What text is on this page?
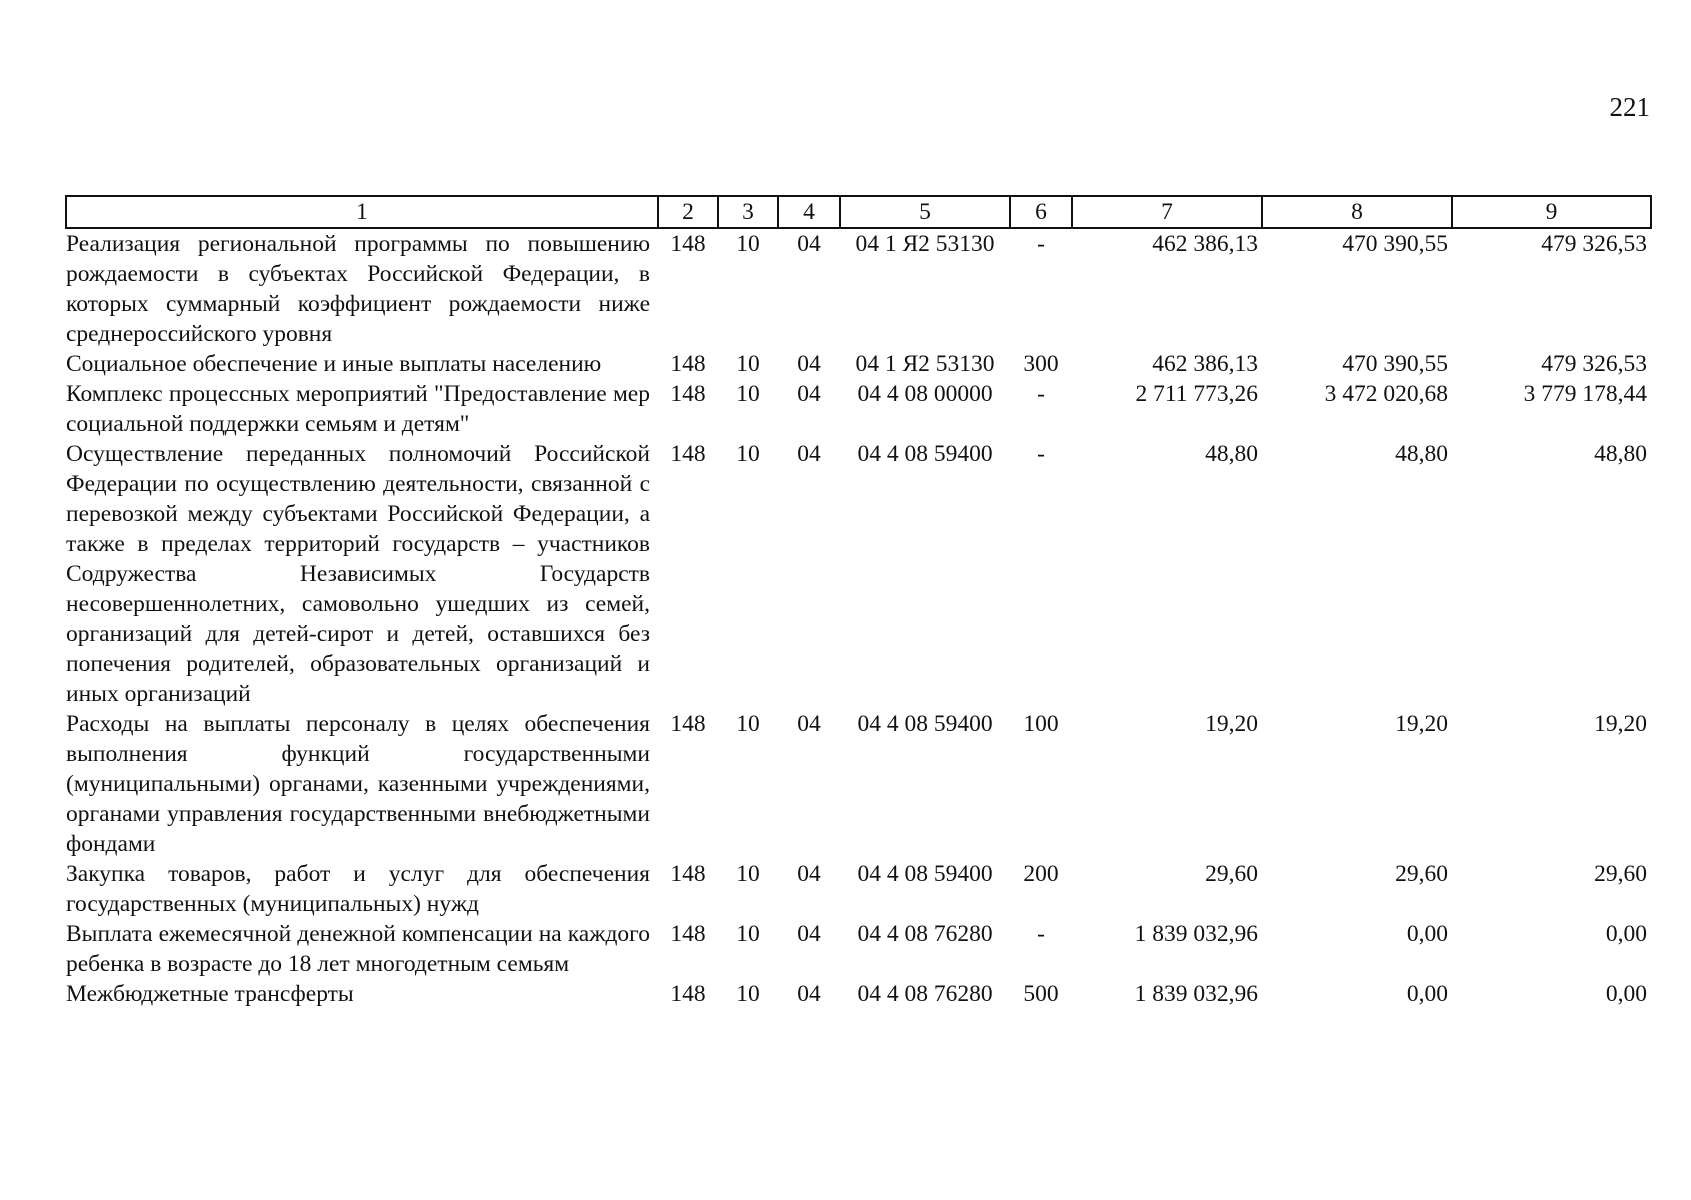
221
1	2	3	4	5	6	7	8	9
Реализация региональной программы по повышению рождаемости в субъектах Российской Федерации, в которых суммарный коэффициент рождаемости ниже среднероссийского уровня	148	10	04	04 1 Я2 53130	-	462 386,13	470 390,55	479 326,53
Социальное обеспечение и иные выплаты населению	148	10	04	04 1 Я2 53130	300	462 386,13	470 390,55	479 326,53
Комплекс процессных мероприятий "Предоставление мер социальной поддержки семьям и детям"	148	10	04	04 4 08 00000	-	2 711 773,26	3 472 020,68	3 779 178,44
Осуществление переданных полномочий Российской Федерации по осуществлению деятельности, связанной с перевозкой между субъектами Российской Федерации, а также в пределах территорий государств – участников Содружества Независимых Государств несовершеннолетних, самовольно ушедших из семей, организаций для детей-сирот и детей, оставшихся без попечения родителей, образовательных организаций и иных организаций	148	10	04	04 4 08 59400	-	48,80	48,80	48,80
Расходы на выплаты персоналу в целях обеспечения выполнения функций государственными (муниципальными) органами, казенными учреждениями, органами управления государственными внебюджетными фондами	148	10	04	04 4 08 59400	100	19,20	19,20	19,20
Закупка товаров, работ и услуг для обеспечения государственных (муниципальных) нужд	148	10	04	04 4 08 59400	200	29,60	29,60	29,60
Выплата ежемесячной денежной компенсации на каждого ребенка в возрасте до 18 лет многодетным семьям	148	10	04	04 4 08 76280	-	1 839 032,96	0,00	0,00
Межбюджетные трансферты	148	10	04	04 4 08 76280	500	1 839 032,96	0,00	0,00
